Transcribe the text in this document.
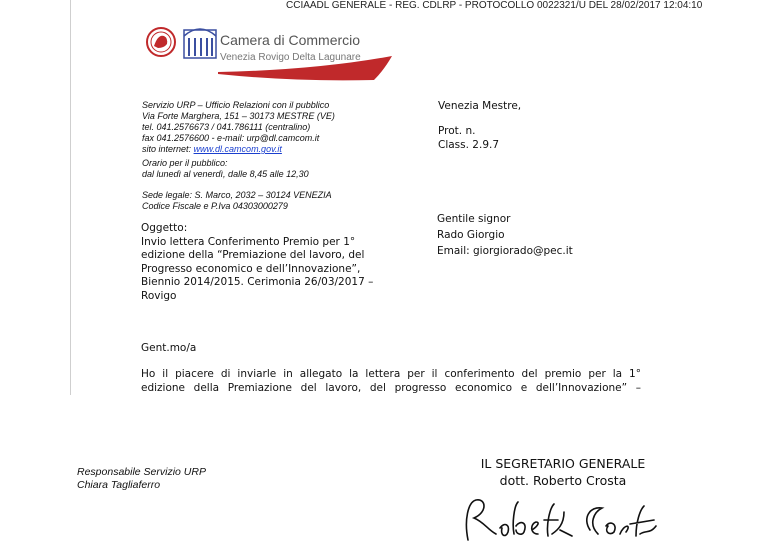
CCIAADL GENERALE - REG. CDLRP - PROTOCOLLO 0022321/U DEL 28/02/2017 12:04:10
Camera di Commercio
Venezia Rovigo Delta Lagunare
Servizio URP – Ufficio Relazioni con il pubblico
Via Forte Marghera, 151 – 30173 MESTRE (VE)
tel. 041.2576673 / 041.786111 (centralino)
fax 041.2576600 - e-mail: urp@dl.camcom.it
sito internet: www.dl.camcom.gov.it
Orario per il pubblico:
dal lunedì al venerdì, dalle 8,45 alle 12,30
Sede legale: S. Marco, 2032 – 30124 VENEZIA
Codice Fiscale e P.Iva 04303000279
Venezia Mestre,
Prot. n.
Class. 2.9.7
Gentile signor
Rado Giorgio
Email: giorgiorado@pec.it
Oggetto:
Invio lettera Conferimento Premio per 1°
edizione della “Premiazione del lavoro, del
Progresso economico e dell’Innovazione”,
Biennio 2014/2015. Cerimonia 26/03/2017 –
Rovigo
Gent.mo/a
Ho il piacere di inviarle in allegato la lettera per il conferimento del premio per la 1°
edizione della Premiazione del lavoro, del progresso economico e dell’Innovazione” –
Responsabile Servizio URP
Chiara Tagliaferro
IL SEGRETARIO GENERALE
dott. Roberto Crosta
